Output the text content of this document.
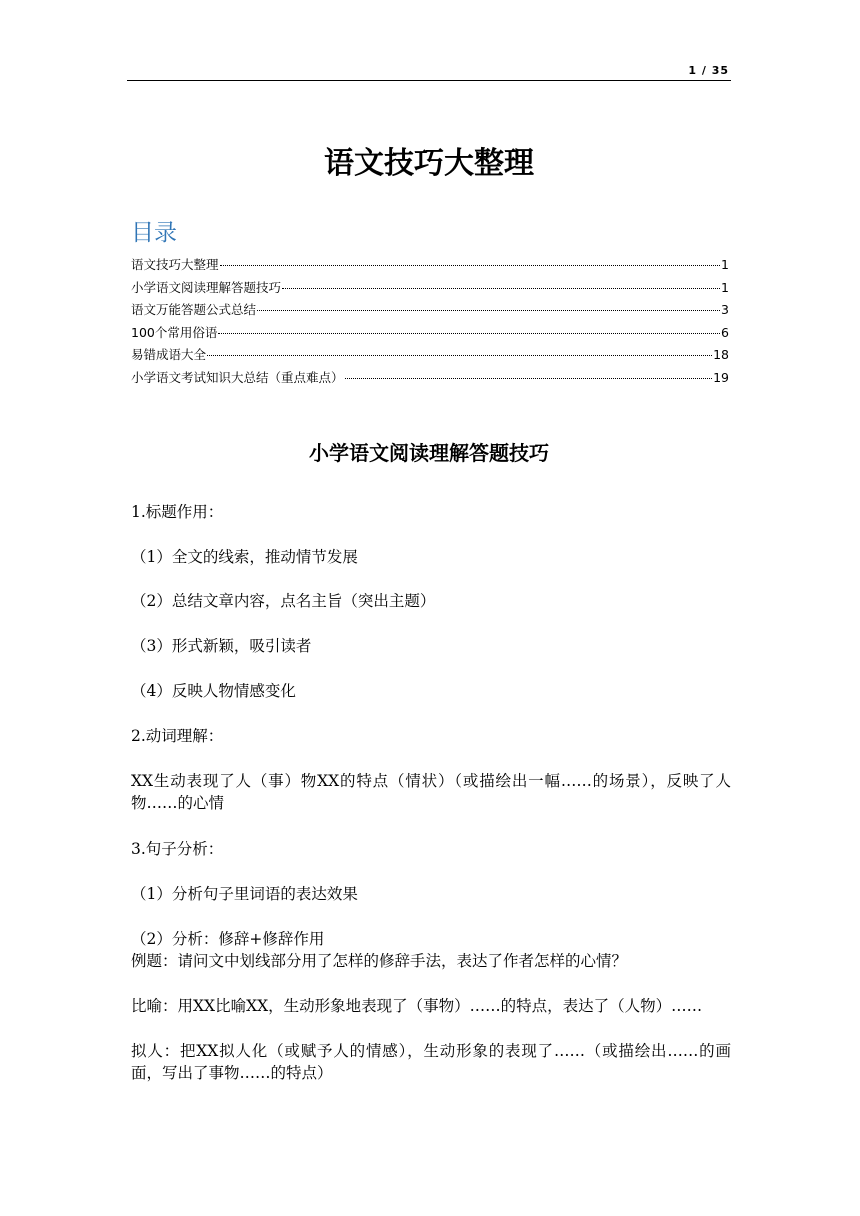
1 / 35
语文技巧大整理
目录
语文技巧大整理	1
小学语文阅读理解答题技巧	1
语文万能答题公式总结	3
100个常用俗语	6
易错成语大全	18
小学语文考试知识大总结（重点难点）	19
小学语文阅读理解答题技巧

1.标题作用：

（1）全文的线索，推动情节发展

（2）总结文章内容，点名主旨（突出主题）

（3）形式新颖，吸引读者

（4）反映人物情感变化

2.动词理解：

XX生动表现了人（事）物XX的特点（情状）（或描绘出一幅……的场景），反映了人物……的心情

3.句子分析：

（1）分析句子里词语的表达效果

（2）分析：修辞+修辞作用

例题：请问文中划线部分用了怎样的修辞手法，表达了作者怎样的心情？

比喻：用XX比喻XX，生动形象地表现了（事物）……的特点，表达了（人物）……

拟人：把XX拟人化（或赋予人的情感），生动形象的表现了……（或描绘出……的画面，写出了事物……的特点）
